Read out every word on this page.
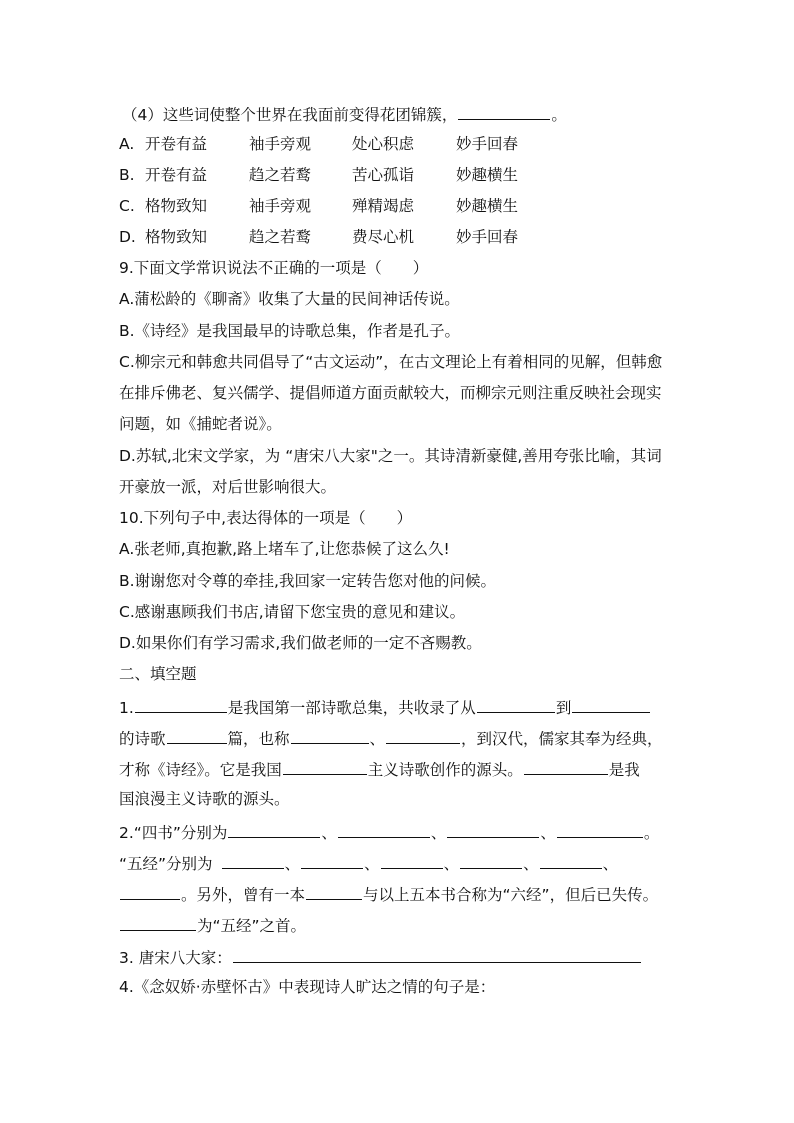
（4）这些词使整个世界在我面前变得花团锦簇，	。
A. 开卷有益	袖手旁观	处心积虑	妙手回春
B. 开卷有益	趋之若鹜	苦心孤诣	妙趣横生
C. 格物致知	袖手旁观	殚精竭虑	妙趣横生
D. 格物致知	趋之若鹜	费尽心机	妙手回春
9.下面文学常识说法不正确的一项是（　　）
A.蒲松龄的《聊斋》收集了大量的民间神话传说。
B.《诗经》是我国最早的诗歌总集，作者是孔子。
C.柳宗元和韩愈共同倡导了“古文运动”，在古文理论上有着相同的见解，但韩愈
在排斥佛老、复兴儒学、提倡师道方面贡献较大，而柳宗元则注重反映社会现实
问题，如《捕蛇者说》。
D.苏轼,北宋文学家，为 “唐宋八大家"之一。其诗清新豪健,善用夸张比喻，其词
开豪放一派，对后世影响很大。
10.下列句子中,表达得体的一项是（　　）
A.张老师,真抱歉,路上堵车了,让您恭候了这么久!
B.谢谢您对令尊的牵挂,我回家一定转告您对他的问候。
C.感谢惠顾我们书店,请留下您宝贵的意见和建议。
D.如果你们有学习需求,我们做老师的一定不吝赐教。
二、填空题
1.	是我国第一部诗歌总集，共收录了从	到
的诗歌	篇，也称	、	，到汉代，儒家其奉为经典，
才称《诗经》。它是我国	主义诗歌创作的源头。	是我
国浪漫主义诗歌的源头。
2.“四书”分别为	、	、	、	。
“五经”分别为	、	、	、	、	、
。另外，曾有一本	与以上五本书合称为“六经”，但后已失传。
为“五经”之首。
3. 唐宋八大家：
4.《念奴娇·赤壁怀古》中表现诗人旷达之情的句子是：
